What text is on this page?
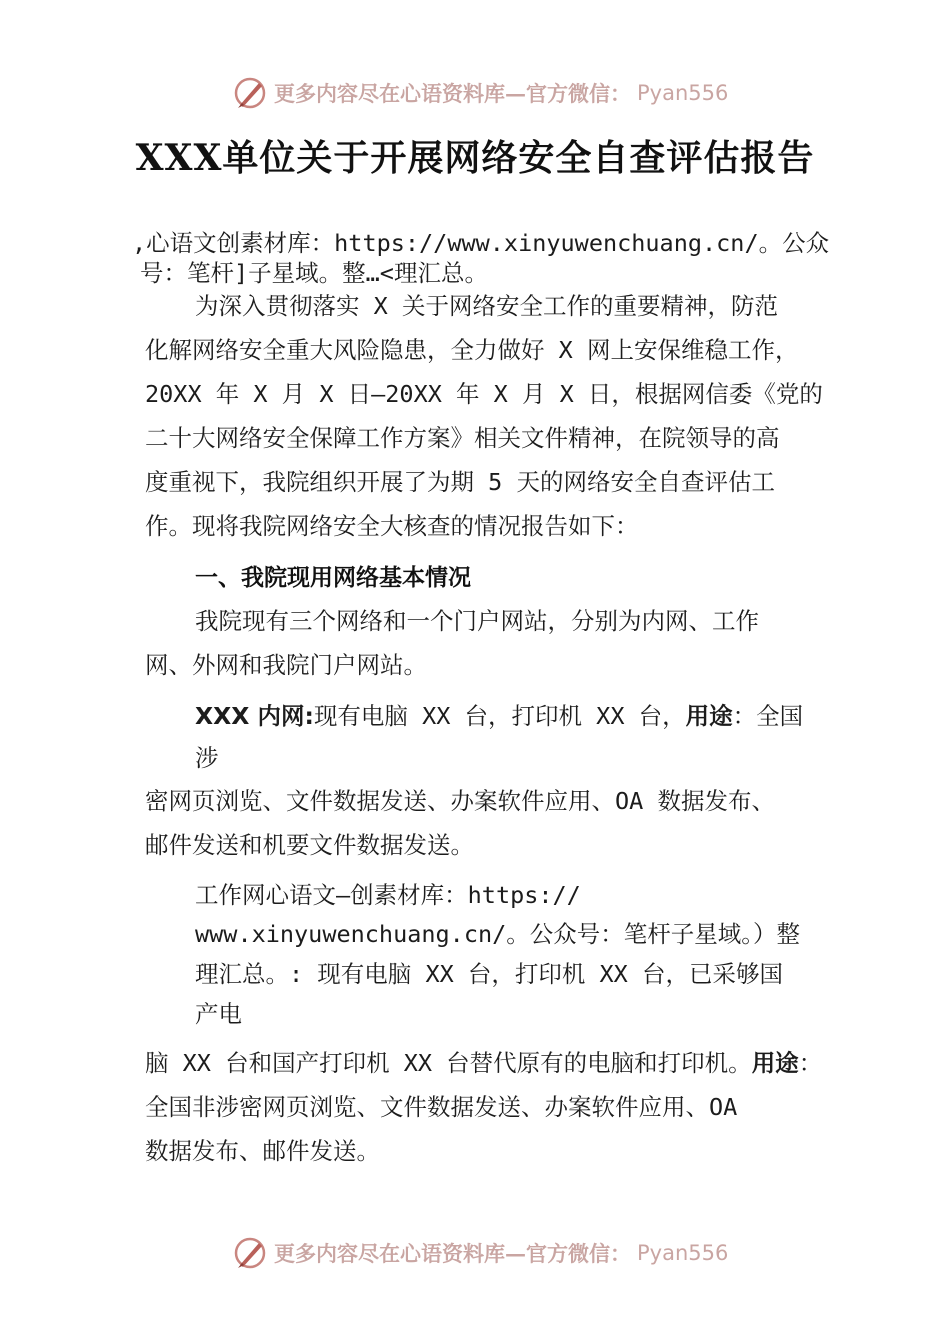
更多内容尽在心语资料库—官方微信： Pyan556
XXX单位关于开展网络安全自查评估报告
,心语文创素材库：https://www.xinyuwenchuang.cn/。公众
号：笔杆]子星域。整…<理汇总。
为深入贯彻落实 X 关于网络安全工作的重要精神，防范
化解网络安全重大风险隐患，全力做好 X 网上安保维稳工作，
20XX 年 X 月 X 日—20XX 年 X 月 X 日，根据网信委《党的
二十大网络安全保障工作方案》相关文件精神，在院领导的高
度重视下，我院组织开展了为期 5 天的网络安全自查评估工
作。现将我院网络安全大核查的情况报告如下：
一、我院现用网络基本情况
我院现有三个网络和一个门户网站，分别为内网、工作
网、外网和我院门户网站。
XXX 内网:现有电脑 XX 台，打印机 XX 台，用途：全国
涉
密网页浏览、文件数据发送、办案软件应用、OA 数据发布、
邮件发送和机要文件数据发送。
工作网心语文—创素材库：https://
www.xinyuwenchuang.cn/。公众号：笔杆子星域。）整
理汇总。: 现有电脑 XX 台，打印机 XX 台，已采够国
产电
脑 XX 台和国产打印机 XX 台替代原有的电脑和打印机。用途：
全国非涉密网页浏览、文件数据发送、办案软件应用、OA
数据发布、邮件发送。
更多内容尽在心语资料库—官方微信： Pyan556
